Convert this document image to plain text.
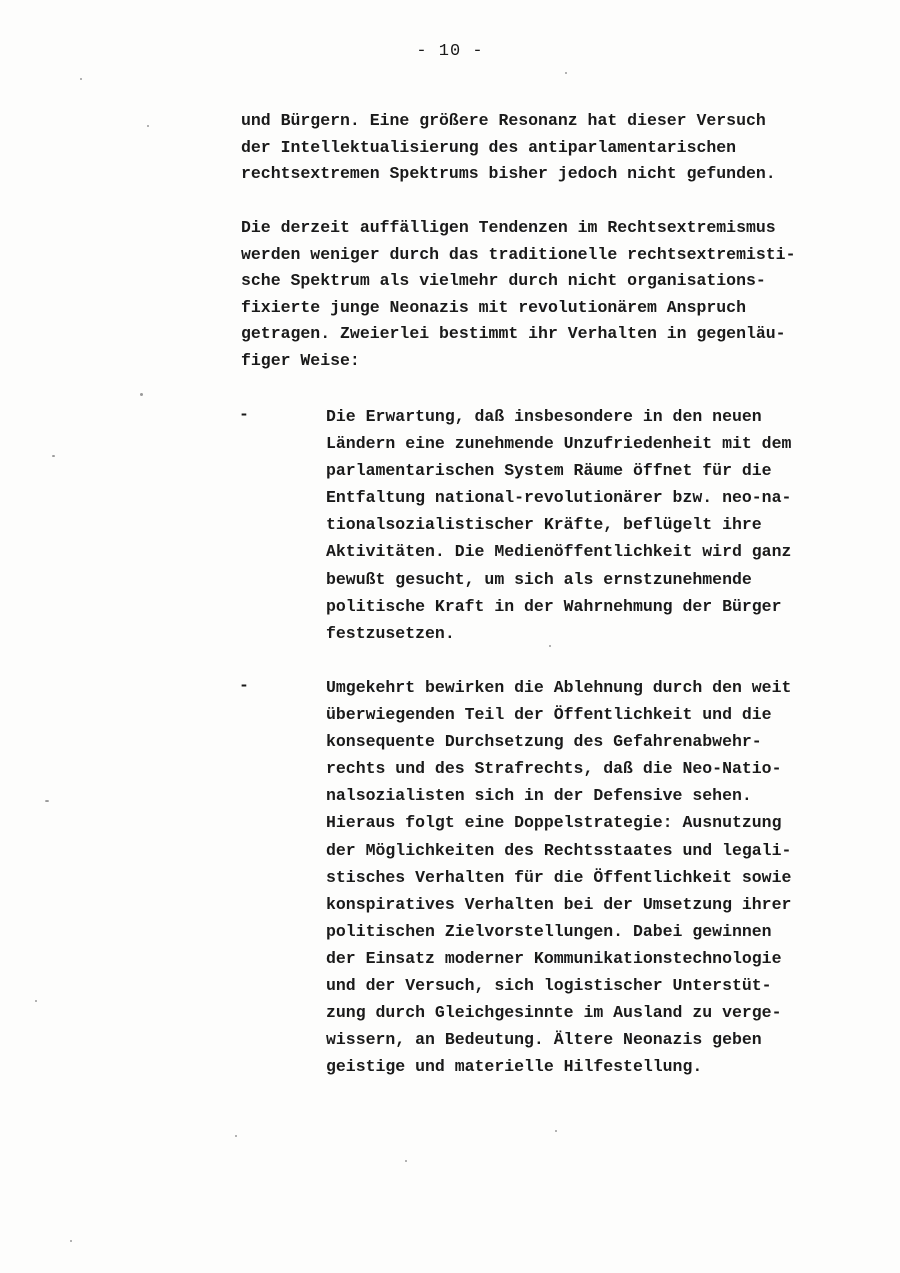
- 10 -
und Bürgern. Eine größere Resonanz hat dieser Versuch
der Intellektualisierung des antiparlamentarischen
rechtsextremen Spektrums bisher jedoch nicht gefunden.
Die derzeit auffälligen Tendenzen im Rechtsextremismus
werden weniger durch das traditionelle rechtsextremisti-
sche Spektrum als vielmehr durch nicht organisations-
fixierte junge Neonazis mit revolutionärem Anspruch
getragen. Zweierlei bestimmt ihr Verhalten in gegenläu-
figer Weise:
-	Die Erwartung, daß insbesondere in den neuen
Ländern eine zunehmende Unzufriedenheit mit dem
parlamentarischen System Räume öffnet für die
Entfaltung national-revolutionärer bzw. neo-na-
tionalsozialistischer Kräfte, beflügelt ihre
Aktivitäten. Die Medienöffentlichkeit wird ganz
bewußt gesucht, um sich als ernstzunehmende
politische Kraft in der Wahrnehmung der Bürger
festzusetzen.
-	Umgekehrt bewirken die Ablehnung durch den weit
überwiegenden Teil der Öffentlichkeit und die
konsequente Durchsetzung des Gefahrenabwehr-
rechts und des Strafrechts, daß die Neo-Natio-
nalsozialisten sich in der Defensive sehen.
Hieraus folgt eine Doppelstrategie: Ausnutzung
der Möglichkeiten des Rechtsstaates und legali-
stisches Verhalten für die Öffentlichkeit sowie
konspiratives Verhalten bei der Umsetzung ihrer
politischen Zielvorstellungen. Dabei gewinnen
der Einsatz moderner Kommunikationstechnologie
und der Versuch, sich logistischer Unterstüt-
zung durch Gleichgesinnte im Ausland zu verge-
wissern, an Bedeutung. Ältere Neonazis geben
geistige und materielle Hilfestellung.
